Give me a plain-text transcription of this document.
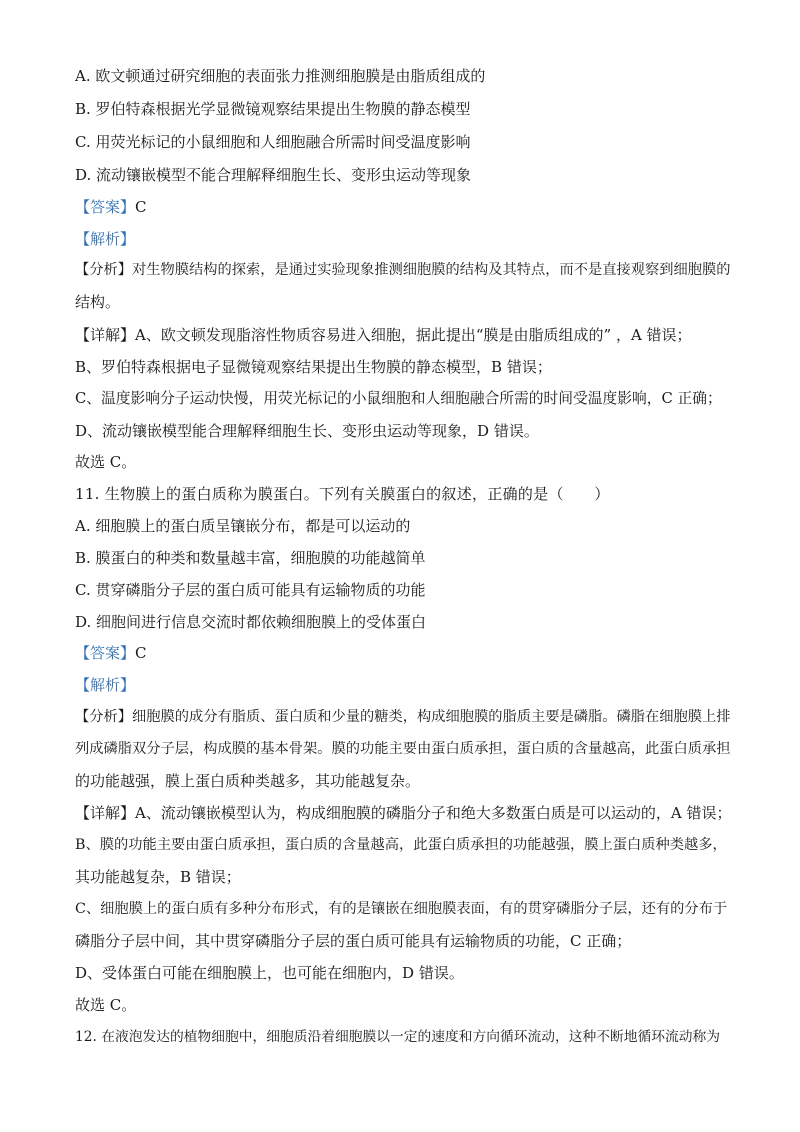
A. 欧文顿通过研究细胞的表面张力推测细胞膜是由脂质组成的
B. 罗伯特森根据光学显微镜观察结果提出生物膜的静态模型
C. 用荧光标记的小鼠细胞和人细胞融合所需时间受温度影响
D. 流动镶嵌模型不能合理解释细胞生长、变形虫运动等现象
【答案】C
【解析】
【分析】对生物膜结构的探索，是通过实验现象推测细胞膜的结构及其特点，而不是直接观察到细胞膜的
结构。
【详解】A、欧文顿发现脂溶性物质容易进入细胞，据此提出“膜是由脂质组成的” ，A 错误；
B、罗伯特森根据电子显微镜观察结果提出生物膜的静态模型，B 错误；
C、温度影响分子运动快慢，用荧光标记的小鼠细胞和人细胞融合所需的时间受温度影响，C 正确；
D、流动镶嵌模型能合理解释细胞生长、变形虫运动等现象，D 错误。
故选 C。
11. 生物膜上的蛋白质称为膜蛋白。下列有关膜蛋白的叙述，正确的是（　　）
A. 细胞膜上的蛋白质呈镶嵌分布，都是可以运动的
B. 膜蛋白的种类和数量越丰富，细胞膜的功能越简单
C. 贯穿磷脂分子层的蛋白质可能具有运输物质的功能
D. 细胞间进行信息交流时都依赖细胞膜上的受体蛋白
【答案】C
【解析】
【分析】细胞膜的成分有脂质、蛋白质和少量的糖类，构成细胞膜的脂质主要是磷脂。磷脂在细胞膜上排
列成磷脂双分子层，构成膜的基本骨架。膜的功能主要由蛋白质承担，蛋白质的含量越高，此蛋白质承担
的功能越强，膜上蛋白质种类越多，其功能越复杂。
【详解】A、流动镶嵌模型认为，构成细胞膜的磷脂分子和绝大多数蛋白质是可以运动的，A 错误；
B、膜的功能主要由蛋白质承担，蛋白质的含量越高，此蛋白质承担的功能越强，膜上蛋白质种类越多，
其功能越复杂，B 错误；
C、细胞膜上的蛋白质有多种分布形式，有的是镶嵌在细胞膜表面，有的贯穿磷脂分子层，还有的分布于
磷脂分子层中间，其中贯穿磷脂分子层的蛋白质可能具有运输物质的功能，C 正确；
D、受体蛋白可能在细胞膜上，也可能在细胞内，D 错误。
故选 C。
12. 在液泡发达的植物细胞中，细胞质沿着细胞膜以一定的速度和方向循环流动，这种不断地循环流动称为
